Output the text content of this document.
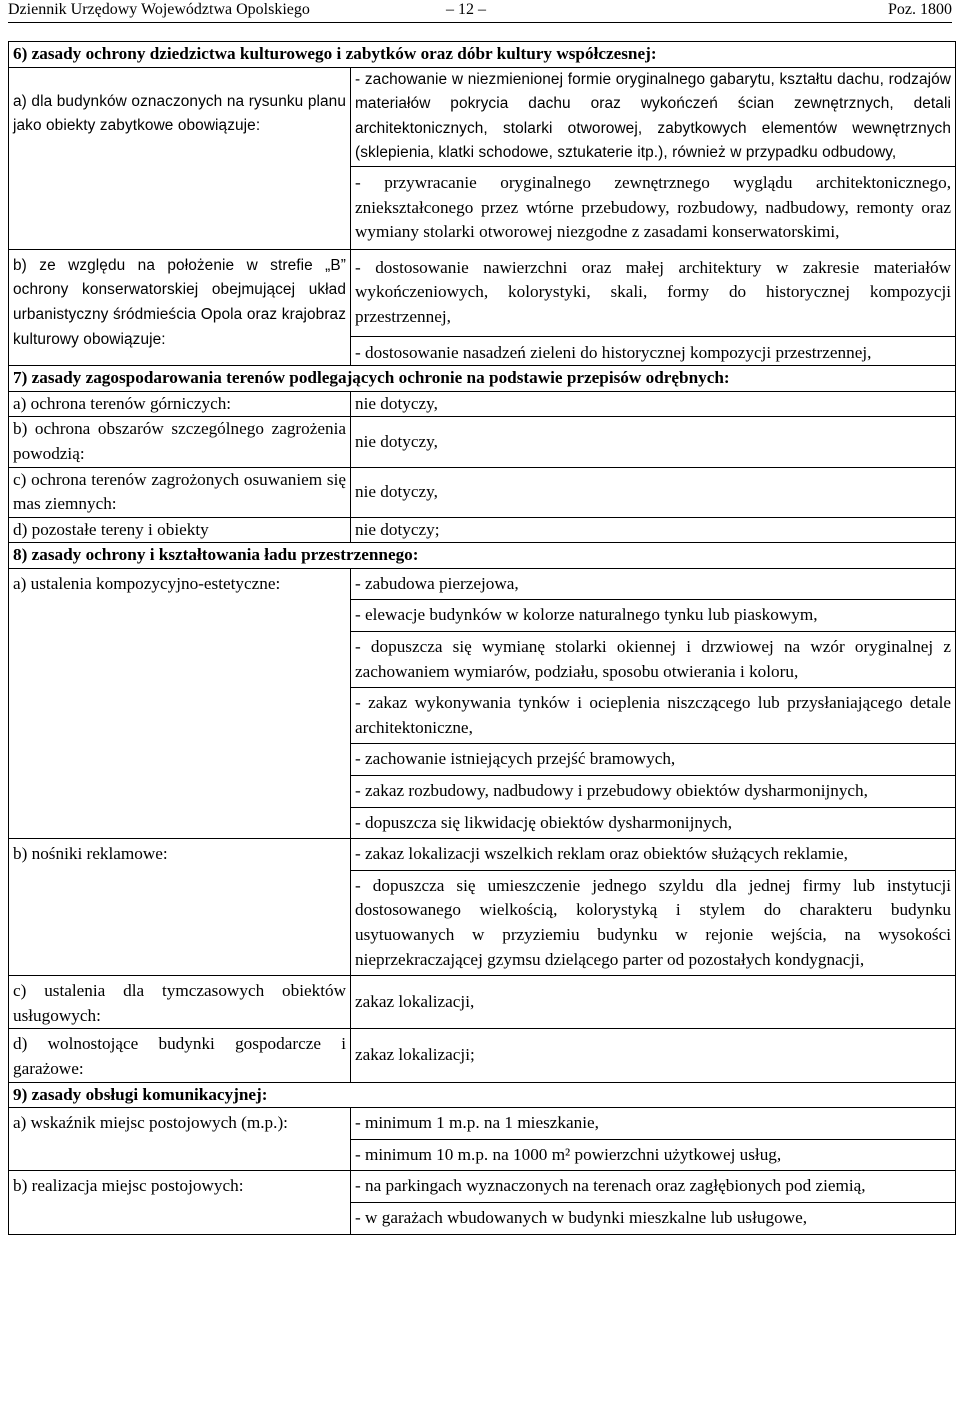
Dziennik Urzędowy Województwa Opolskiego	– 12 –	Poz. 1800
6) zasady ochrony dziedzictwa kulturowego i zabytków oraz dóbr kultury współczesnej:	
a) dla budynków oznaczonych na rysunku planu jako obiekty zabytkowe obowiązuje:	- zachowanie w niezmienionej formie oryginalnego gabarytu, kształtu dachu, rodzajów materiałów pokrycia dachu oraz wykończeń ścian zewnętrznych, detali architektonicznych, stolarki otworowej, zabytkowych elementów wewnętrznych (sklepienia, klatki schodowe, sztukaterie itp.), również w przypadku odbudowy,
	- przywracanie oryginalnego zewnętrznego wyglądu architektonicznego, zniekształconego przez wtórne przebudowy, rozbudowy, nadbudowy, remonty oraz wymiany stolarki otworowej niezgodne z zasadami konserwatorskimi,
b) ze względu na położenie w strefie „B” ochrony konserwatorskiej obejmującej układ urbanistyczny śródmieścia Opola oraz krajobraz kulturowy obowiązuje:	- dostosowanie nawierzchni oraz małej architektury w zakresie materiałów wykończeniowych, kolorystyki, skali, formy do historycznej kompozycji przestrzennej,
	- dostosowanie nasadzeń zieleni do historycznej kompozycji przestrzennej,
7) zasady zagospodarowania terenów podlegających ochronie na podstawie przepisów odrębnych:	
a) ochrona terenów górniczych:	nie dotyczy,
b) ochrona obszarów szczególnego zagrożenia powodzią:	nie dotyczy,
c) ochrona terenów zagrożonych osuwaniem się mas ziemnych:	nie dotyczy,
d) pozostałe tereny i obiekty	nie dotyczy;
8) zasady ochrony i kształtowania ładu przestrzennego:	
a) ustalenia kompozycyjno-estetyczne:	- zabudowa pierzejowa,
	- elewacje budynków w kolorze naturalnego tynku lub piaskowym,
	- dopuszcza się wymianę stolarki okiennej i drzwiowej na wzór oryginalnej z zachowaniem wymiarów, podziału, sposobu otwierania i koloru,
	- zakaz wykonywania tynków i ocieplenia niszczącego lub przysłaniającego detale architektoniczne,
	- zachowanie istniejących przejść bramowych,
	- zakaz rozbudowy, nadbudowy i przebudowy obiektów dysharmonijnych,
	- dopuszcza się likwidację obiektów dysharmonijnych,
b) nośniki reklamowe:	- zakaz lokalizacji wszelkich reklam oraz obiektów służących reklamie,
	- dopuszcza się umieszczenie jednego szyldu dla jednej firmy lub instytucji dostosowanego wielkością, kolorystyką i stylem do charakteru budynku usytuowanych w przyziemiu budynku w rejonie wejścia, na wysokości nieprzekraczającej gzymsu dzielącego parter od pozostałych kondygnacji,
c) ustalenia dla tymczasowych obiektów usługowych:	zakaz lokalizacji,
d) wolnostojące budynki gospodarcze i garażowe:	zakaz lokalizacji;
9) zasady obsługi komunikacyjnej:	
a) wskaźnik miejsc postojowych (m.p.):	- minimum 1 m.p. na 1 mieszkanie,
	- minimum 10 m.p. na 1000 m² powierzchni użytkowej usług,
b) realizacja miejsc postojowych:	- na parkingach wyznaczonych na terenach oraz zagłębionych pod ziemią,
	- w garażach wbudowanych w budynki mieszkalne lub usługowe,
